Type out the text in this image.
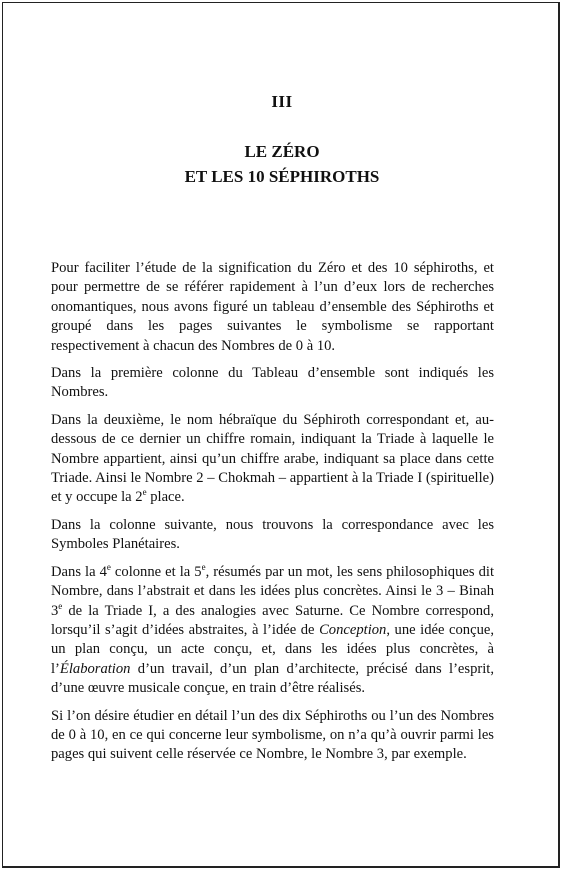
III
LE ZÉRO
ET LES 10 SÉPHIROTHS

Pour faciliter l’étude de la signification du Zéro et des 10 séphiroths, et pour permettre de se référer rapidement à l’un d’eux lors de recherches onomantiques, nous avons figuré un tableau d’ensemble des Séphiroths et groupé dans les pages suivantes le symbolisme se rapportant respectivement à chacun des Nombres de 0 à 10.

Dans la première colonne du Tableau d’ensemble sont indiqués les Nombres.

Dans la deuxième, le nom hébraïque du Séphiroth correspondant et, au-dessous de ce dernier un chiffre romain, indiquant la Triade à laquelle le Nombre appartient, ainsi qu’un chiffre arabe, indiquant sa place dans cette Triade. Ainsi le Nombre 2 – Chokmah – appartient à la Triade I (spirituelle) et y occupe la 2e place.

Dans la colonne suivante, nous trouvons la correspondance avec les Symboles Planétaires.

Dans la 4e colonne et la 5e, résumés par un mot, les sens philosophiques dit Nombre, dans l’abstrait et dans les idées plus concrètes. Ainsi le 3 – Binah 3e de la Triade I, a des analogies avec Saturne. Ce Nombre correspond, lorsqu’il s’agit d’idées abstraites, à l’idée de Conception, une idée conçue, un plan conçu, un acte conçu, et, dans les idées plus concrètes, à l’Élaboration d’un travail, d’un plan d’architecte, précisé dans l’esprit, d’une œuvre musicale conçue, en train d’être réalisés.

Si l’on désire étudier en détail l’un des dix Séphiroths ou l’un des Nombres de 0 à 10, en ce qui concerne leur symbolisme, on n’a qu’à ouvrir parmi les pages qui suivent celle réservée ce Nombre, le Nombre 3, par exemple.
